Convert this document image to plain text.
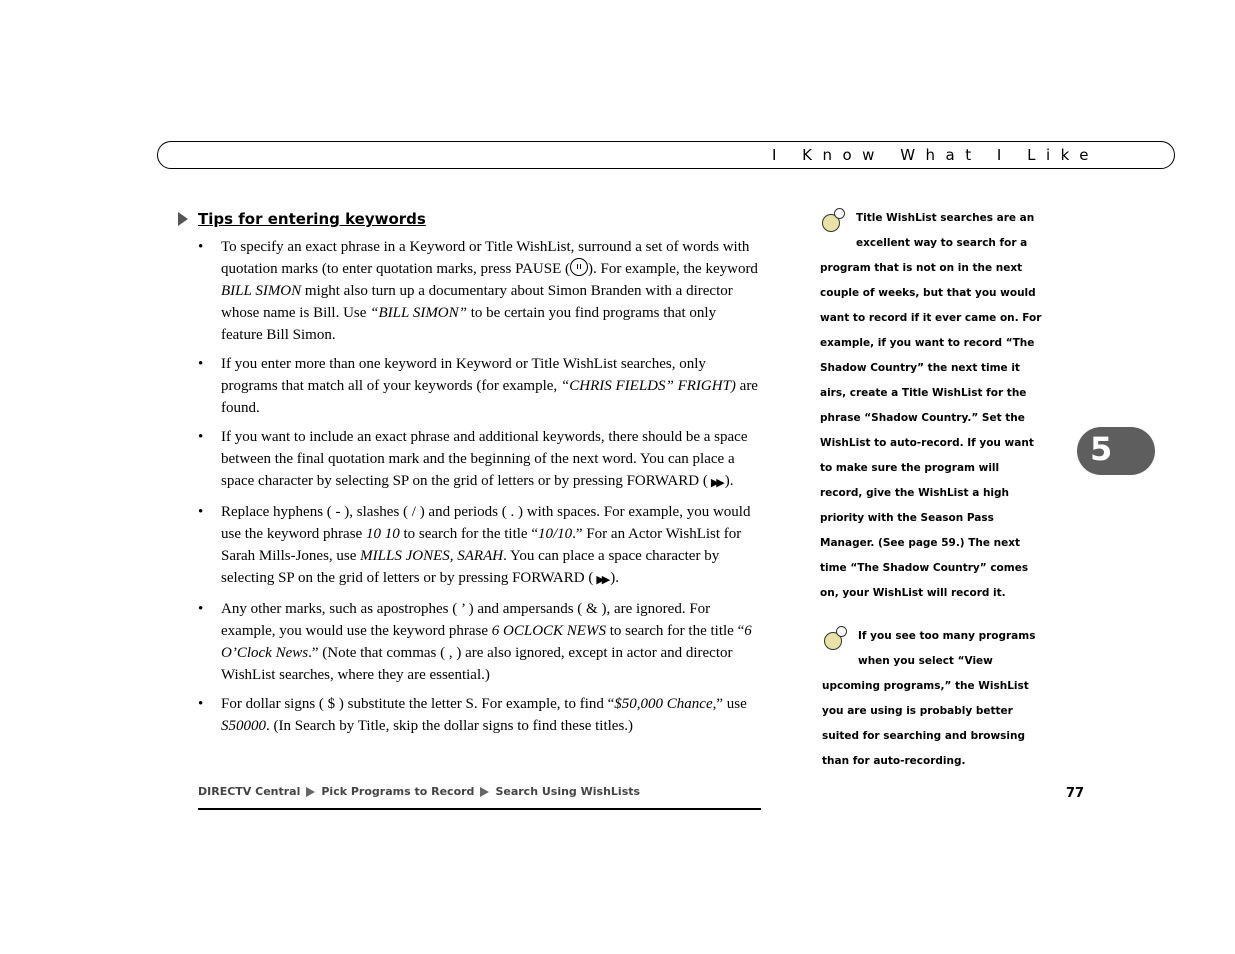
I Know What I Like
5
Tips for entering keywords
• To specify an exact phrase in a Keyword or Title WishList, surround a set of words with quotation marks (to enter quotation marks, press PAUSE ( ). For example, the keyword BILL SIMON might also turn up a documentary about Simon Branden with a director whose name is Bill. Use “BILL SIMON” to be certain you find programs that only feature Bill Simon.
• If you enter more than one keyword in Keyword or Title WishList searches, only programs that match all of your keywords (for example, “CHRIS FIELDS” FRIGHT) are found.
• If you want to include an exact phrase and additional keywords, there should be a space between the final quotation mark and the beginning of the next word. You can place a space character by selecting SP on the grid of letters or by pressing FORWARD ( ▶▶ ).
• Replace hyphens ( - ), slashes ( / ) and periods ( . ) with spaces. For example, you would use the keyword phrase 10 10 to search for the title “10/10.” For an Actor WishList for Sarah Mills-Jones, use MILLS JONES, SARAH. You can place a space character by selecting SP on the grid of letters or by pressing FORWARD ( ▶▶ ).
• Any other marks, such as apostrophes ( ’ ) and ampersands ( & ), are ignored. For example, you would use the keyword phrase 6 OCLOCK NEWS to search for the title “6 O’Clock News.” (Note that commas ( , ) are also ignored, except in actor and director WishList searches, where they are essential.)
• For dollar signs ( $ ) substitute the letter S. For example, to find “$50,000 Chance,” use S50000. (In Search by Title, skip the dollar signs to find these titles.)
Title WishList searches are an excellent way to search for a program that is not on in the next couple of weeks, but that you would want to record if it ever came on. For example, if you want to record “The Shadow Country” the next time it airs, create a Title WishList for the phrase “Shadow Country.” Set the WishList to auto-record. If you want to make sure the program will record, give the WishList a high priority with the Season Pass Manager. (See page 59.) The next time “The Shadow Country” comes on, your WishList will record it.
If you see too many programs when you select “View upcoming programs,” the WishList you are using is probably better suited for searching and browsing than for auto-recording.
DIRECTV Central Pick Programs to Record Search Using WishLists	77
